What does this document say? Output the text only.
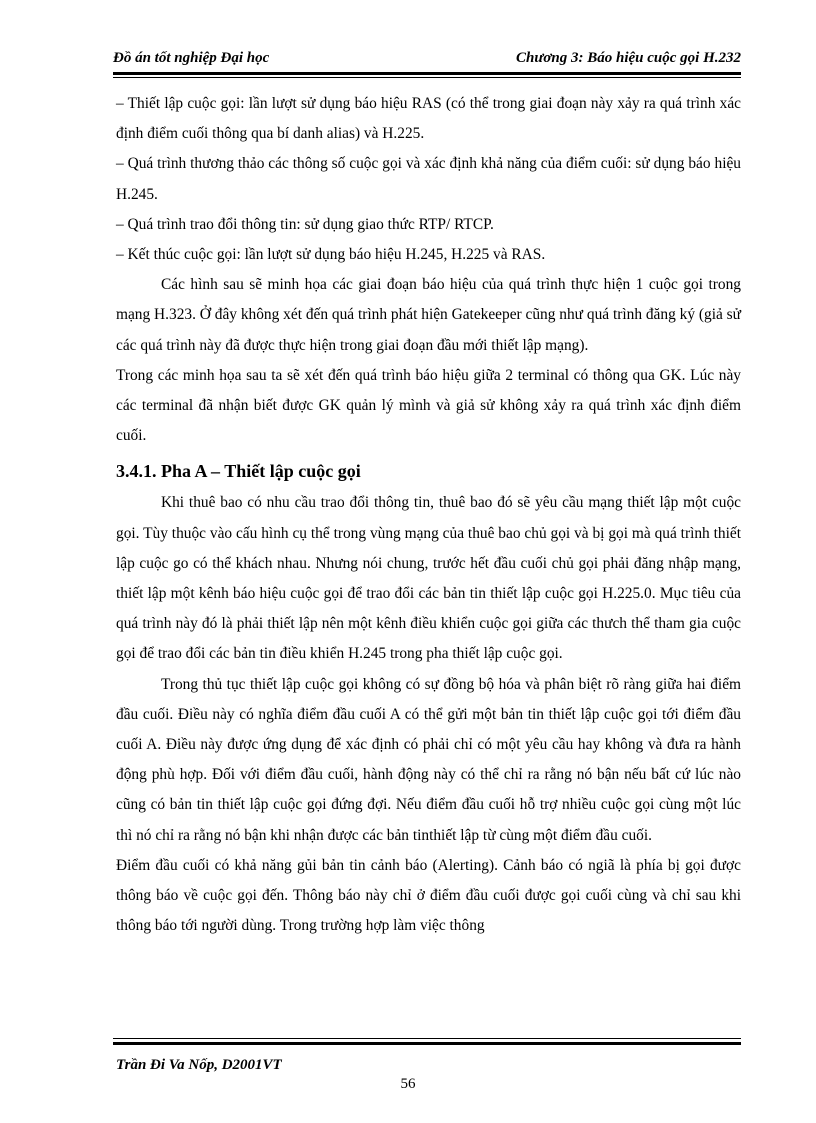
Đồ án tốt nghiệp Đại học	Chương 3: Báo hiệu cuộc gọi H.232

– Thiết lập cuộc gọi: lần lượt sử dụng báo hiệu RAS (có thể trong giai đoạn này xảy ra quá trình xác định điểm cuối thông qua bí danh alias) và H.225.

– Quá trình thương thảo các thông số cuộc gọi và xác định khả năng của điểm cuối: sử dụng báo hiệu H.245.

– Quá trình trao đổi thông tin: sử dụng giao thức RTP/ RTCP.

– Kết thúc cuộc gọi: lần lượt sử dụng báo hiệu H.245, H.225 và RAS.

Các hình sau sẽ minh họa các giai đoạn báo hiệu của quá trình thực hiện 1 cuộc gọi trong mạng H.323. Ở đây không xét đến quá trình phát hiện Gatekeeper cũng như quá trình đăng ký (giả sử các quá trình này đã được thực hiện trong giai đoạn đầu mới thiết lập mạng).

Trong các minh họa sau ta sẽ xét đến quá trình báo hiệu giữa 2 terminal có thông qua GK. Lúc này các terminal đã nhận biết được GK quản lý mình và giả sử không xảy ra quá trình xác định điểm cuối.

3.4.1. Pha A – Thiết lập cuộc gọi

Khi thuê bao có nhu cầu trao đổi thông tin, thuê bao đó sẽ yêu cầu mạng thiết lập một cuộc gọi. Tùy thuộc vào cấu hình cụ thể trong vùng mạng của thuê bao chủ gọi và bị gọi mà quá trình thiết lập cuộc go có thể khách nhau. Nhưng nói chung, trước hết đầu cuối chủ gọi phải đăng nhập mạng, thiết lập một kênh báo hiệu cuộc gọi để trao đổi các bản tin thiết lập cuộc gọi H.225.0. Mục tiêu của quá trình này đó là phải thiết lập nên một kênh điều khiển cuộc gọi giữa các thưch thể tham gia cuộc gọi để trao đổi các bản tin điều khiển H.245 trong pha thiết lập cuộc gọi.

Trong thủ tục thiết lập cuộc gọi không có sự đồng bộ hóa và phân biệt rõ ràng giữa hai điểm đầu cuối. Điều này có nghĩa điểm đầu cuối A có thể gửi một bản tin thiết lập cuộc gọi tới điểm đầu cuối A. Điều này được ứng dụng để xác định có phải chỉ có một yêu cầu hay không và đưa ra hành động phù hợp. Đối với điểm đầu cuối, hành động này có thể chỉ ra rằng nó bận nếu bất cứ lúc nào cũng có bản tin thiết lập cuộc gọi đứng đợi. Nếu điểm đầu cuối hỗ trợ nhiều cuộc gọi cùng một lúc thì nó chỉ ra rằng nó bận khi nhận được các bản tinthiết lập từ cùng một điểm đầu cuối.

Điểm đầu cuối có khả năng gủi bản tin cảnh báo (Alerting). Cảnh báo có ngiã là phía bị gọi được thông báo về cuộc gọi đến. Thông báo này chỉ ở điểm đầu cuối được gọi cuối cùng và chỉ sau khi thông báo tới người dùng. Trong trường hợp làm việc thông

Trần Đi Va Nốp, D2001VT
56
